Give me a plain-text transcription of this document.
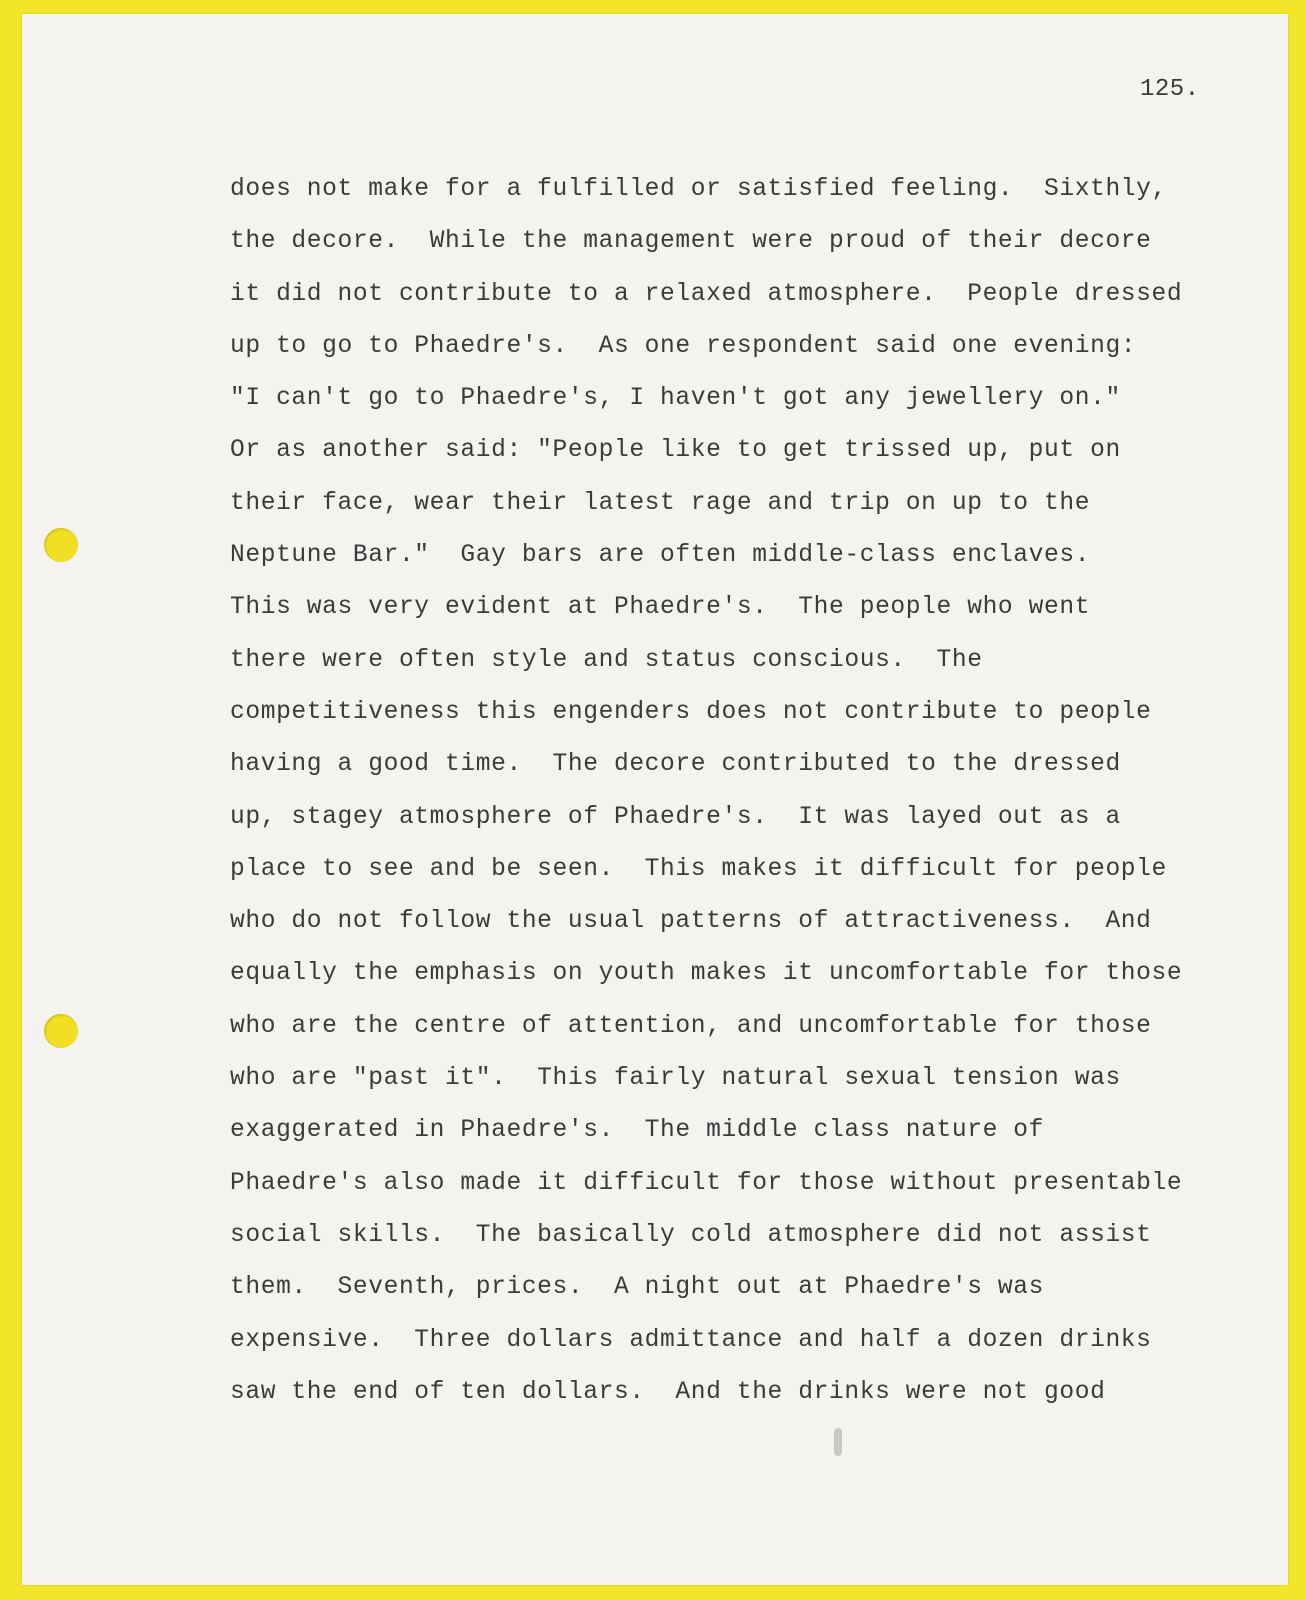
125.
does not make for a fulfilled or satisfied feeling.  Sixthly,
the decore.  While the management were proud of their decore
it did not contribute to a relaxed atmosphere.  People dressed
up to go to Phaedre's.  As one respondent said one evening:
"I can't go to Phaedre's, I haven't got any jewellery on."
Or as another said: "People like to get trissed up, put on
their face, wear their latest rage and trip on up to the
Neptune Bar."  Gay bars are often middle-class enclaves.
This was very evident at Phaedre's.  The people who went
there were often style and status conscious.  The
competitiveness this engenders does not contribute to people
having a good time.  The decore contributed to the dressed
up, stagey atmosphere of Phaedre's.  It was layed out as a
place to see and be seen.  This makes it difficult for people
who do not follow the usual patterns of attractiveness.  And
equally the emphasis on youth makes it uncomfortable for those
who are the centre of attention, and uncomfortable for those
who are "past it".  This fairly natural sexual tension was
exaggerated in Phaedre's.  The middle class nature of
Phaedre's also made it difficult for those without presentable
social skills.  The basically cold atmosphere did not assist
them.  Seventh, prices.  A night out at Phaedre's was
expensive.  Three dollars admittance and half a dozen drinks
saw the end of ten dollars.  And the drinks were not good
